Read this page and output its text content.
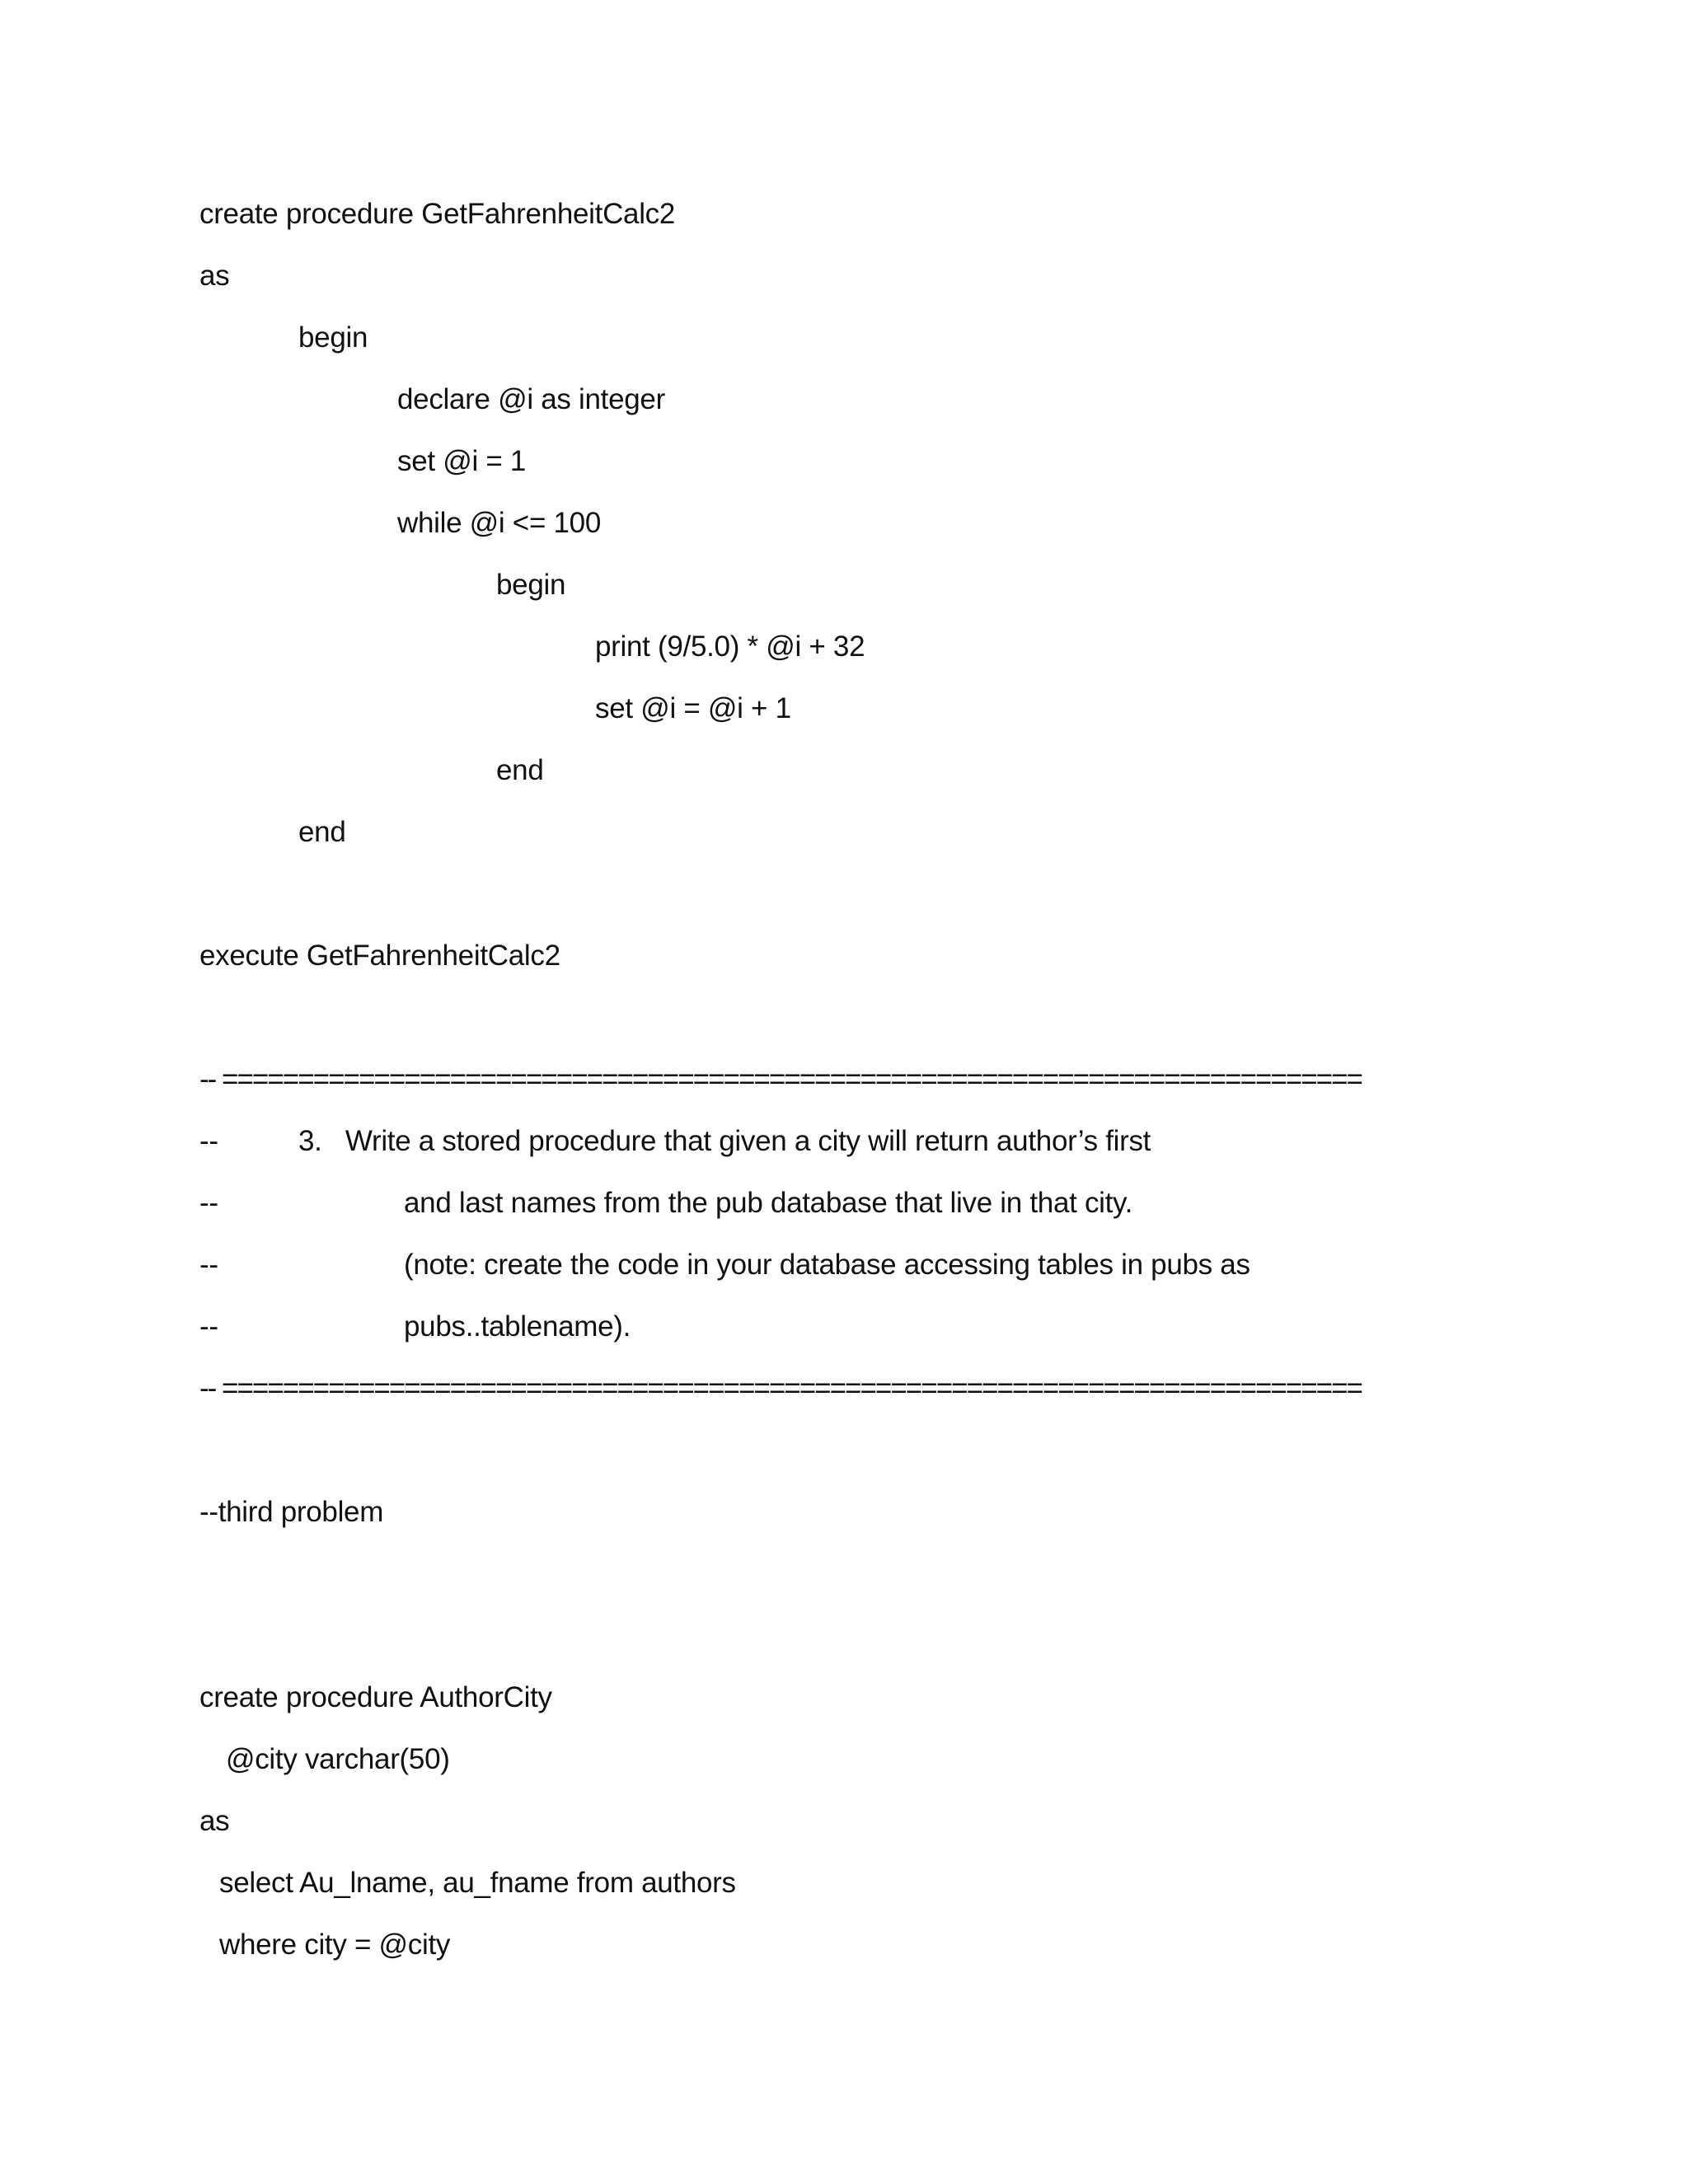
create procedure GetFahrenheitCalc2
as
begin
declare @i as integer
set @i = 1
while @i <= 100
begin
print (9/5.0) * @i + 32
set @i = @i + 1
end
end
execute GetFahrenheitCalc2
-- ===========================================================================
--	3.   Write a stored procedure that given a city will return author’s first
--	and last names from the pub database that live in that city.
--	(note: create the code in your database accessing tables in pubs as
--	pubs..tablename).
-- ===========================================================================
--third problem
create procedure AuthorCity
@city varchar(50)
as
select Au_lname, au_fname from authors
where city = @city
